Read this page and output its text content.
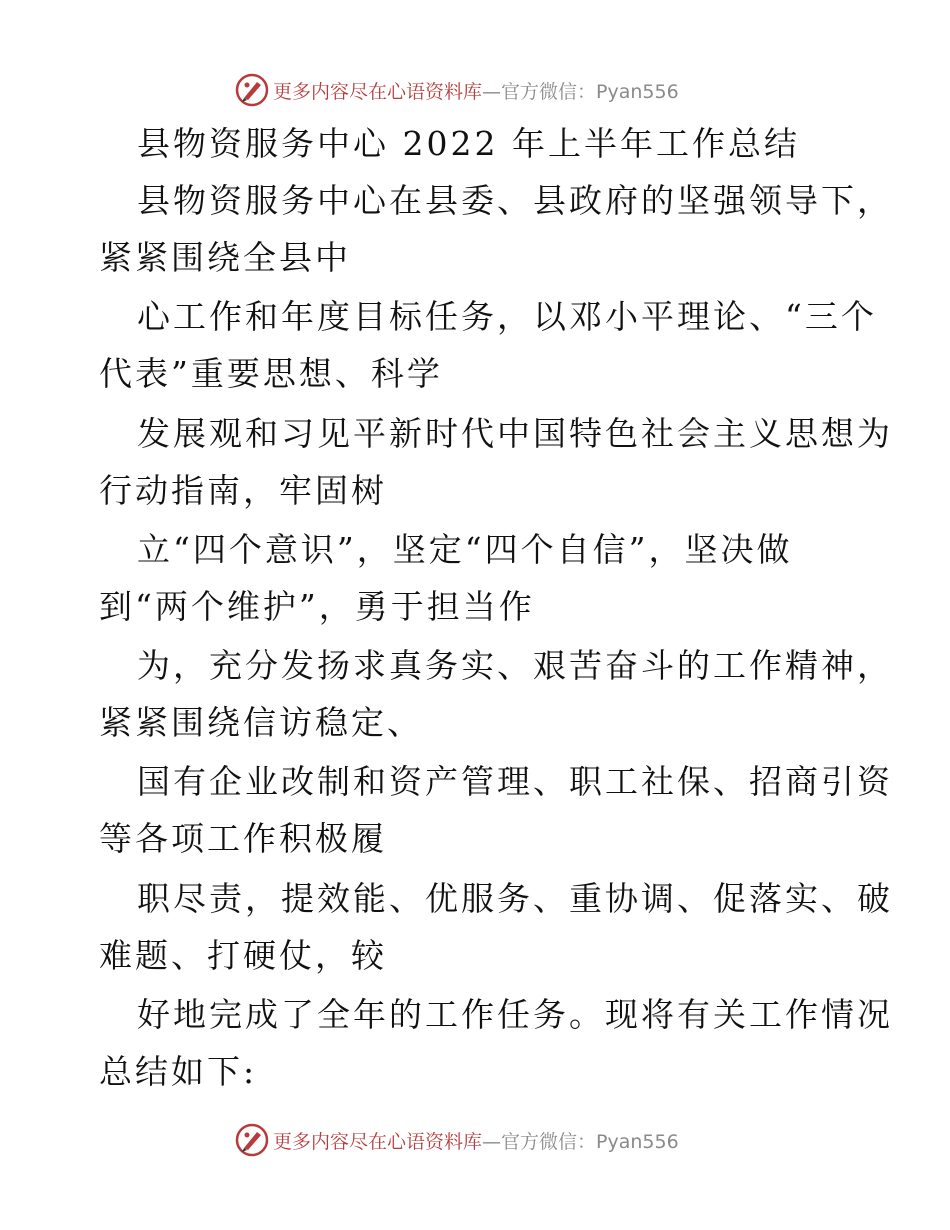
更多内容尽在心语资料库 —官方微信：Pyan556
县物资服务中心 2022 年上半年工作总结
县物资服务中心在县委、县政府的坚强领导下，
紧紧围绕全县中
心工作和年度目标任务，以邓小平理论、“三个
代表”重要思想、科学
发展观和习见平新时代中国特色社会主义思想为
行动指南，牢固树
立“四个意识”，坚定“四个自信”，坚决做
到“两个维护”，勇于担当作
为，充分发扬求真务实、艰苦奋斗的工作精神，
紧紧围绕信访稳定、
国有企业改制和资产管理、职工社保、招商引资
等各项工作积极履
职尽责，提效能、优服务、重协调、促落实、破
难题、打硬仗，较
好地完成了全年的工作任务。现将有关工作情况
总结如下:
更多内容尽在心语资料库 —官方微信：Pyan556
